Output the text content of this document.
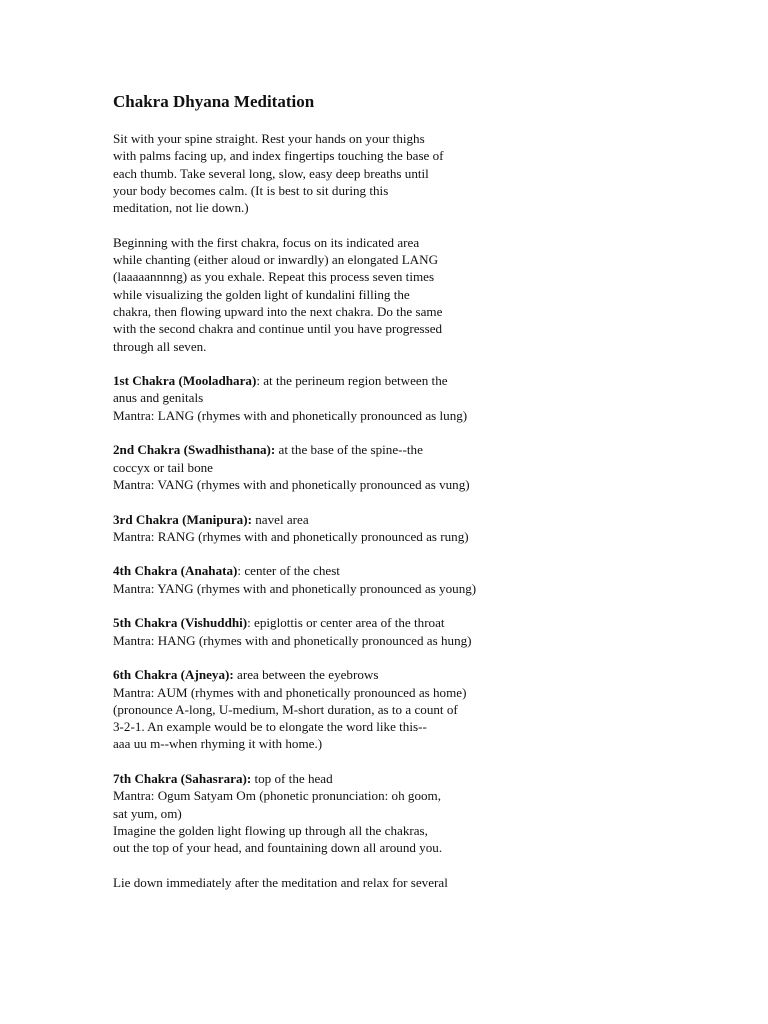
Chakra Dhyana Meditation
Sit with your spine straight. Rest your hands on your thighs
with palms facing up, and index fingertips touching the base of
each thumb. Take several long, slow, easy deep breaths until
your body becomes calm. (It is best to sit during this
meditation, not lie down.)
Beginning with the first chakra, focus on its indicated area
while chanting (either aloud or inwardly) an elongated LANG
(laaaaannnng) as you exhale. Repeat this process seven times
while visualizing the golden light of kundalini filling the
chakra, then flowing upward into the next chakra. Do the same
with the second chakra and continue until you have progressed
through all seven.
1st Chakra (Mooladhara): at the perineum region between the
anus and genitals
Mantra: LANG (rhymes with and phonetically pronounced as lung)
2nd Chakra (Swadhisthana): at the base of the spine--the
coccyx or tail bone
Mantra: VANG (rhymes with and phonetically pronounced as vung)
3rd Chakra (Manipura): navel area
Mantra: RANG (rhymes with and phonetically pronounced as rung)
4th Chakra (Anahata): center of the chest
Mantra: YANG (rhymes with and phonetically pronounced as young)
5th Chakra (Vishuddhi): epiglottis or center area of the throat
Mantra: HANG (rhymes with and phonetically pronounced as hung)
6th Chakra (Ajneya): area between the eyebrows
Mantra: AUM (rhymes with and phonetically pronounced as home)
(pronounce A-long, U-medium, M-short duration, as to a count of
3-2-1. An example would be to elongate the word like this--
aaa uu m--when rhyming it with home.)
7th Chakra (Sahasrara): top of the head
Mantra: Ogum Satyam Om (phonetic pronunciation: oh goom,
sat yum, om)
Imagine the golden light flowing up through all the chakras,
out the top of your head, and fountaining down all around you.
Lie down immediately after the meditation and relax for several
